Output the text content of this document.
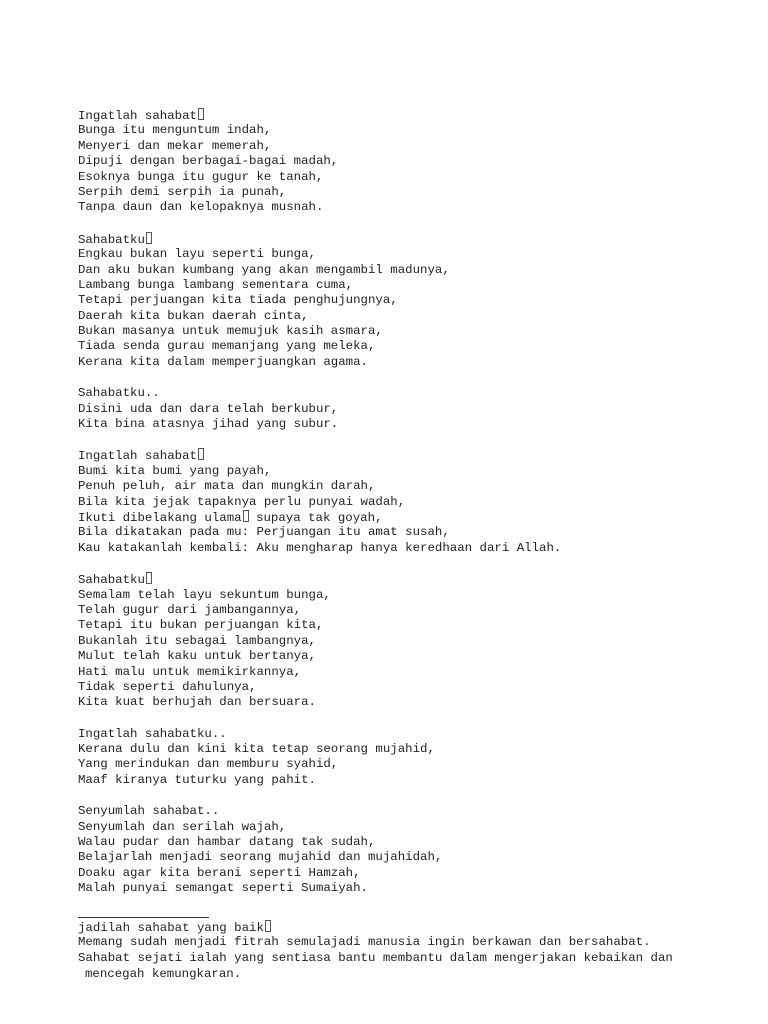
Ingatlah sahabat
Bunga itu menguntum indah,
Menyeri dan mekar memerah,
Dipuji dengan berbagai-bagai madah,
Esoknya bunga itu gugur ke tanah,
Serpih demi serpih ia punah,
Tanpa daun dan kelopaknya musnah.
Sahabatku
Engkau bukan layu seperti bunga,
Dan aku bukan kumbang yang akan mengambil madunya,
Lambang bunga lambang sementara cuma,
Tetapi perjuangan kita tiada penghujungnya,
Daerah kita bukan daerah cinta,
Bukan masanya untuk memujuk kasih asmara,
Tiada senda gurau memanjang yang meleka,
Kerana kita dalam memperjuangkan agama.
Sahabatku..
Disini uda dan dara telah berkubur,
Kita bina atasnya jihad yang subur.
Ingatlah sahabat
Bumi kita bumi yang payah,
Penuh peluh, air mata dan mungkin darah,
Bila kita jejak tapaknya perlu punyai wadah,
Ikuti dibelakang ulama supaya tak goyah,
Bila dikatakan pada mu: Perjuangan itu amat susah,
Kau katakanlah kembali: Aku mengharap hanya keredhaan dari Allah.
Sahabatku
Semalam telah layu sekuntum bunga,
Telah gugur dari jambangannya,
Tetapi itu bukan perjuangan kita,
Bukanlah itu sebagai lambangnya,
Mulut telah kaku untuk bertanya,
Hati malu untuk memikirkannya,
Tidak seperti dahulunya,
Kita kuat berhujah dan bersuara.
Ingatlah sahabatku..
Kerana dulu dan kini kita tetap seorang mujahid,
Yang merindukan dan memburu syahid,
Maaf kiranya tuturku yang pahit.
Senyumlah sahabat..
Senyumlah dan serilah wajah,
Walau pudar dan hambar datang tak sudah,
Belajarlah menjadi seorang mujahid dan mujahidah,
Doaku agar kita berani seperti Hamzah,
Malah punyai semangat seperti Sumaiyah.
jadilah sahabat yang baik
Memang sudah menjadi fitrah semulajadi manusia ingin berkawan dan bersahabat.
Sahabat sejati ialah yang sentiasa bantu membantu dalam mengerjakan kebaikan dan
mencegah kemungkaran.
